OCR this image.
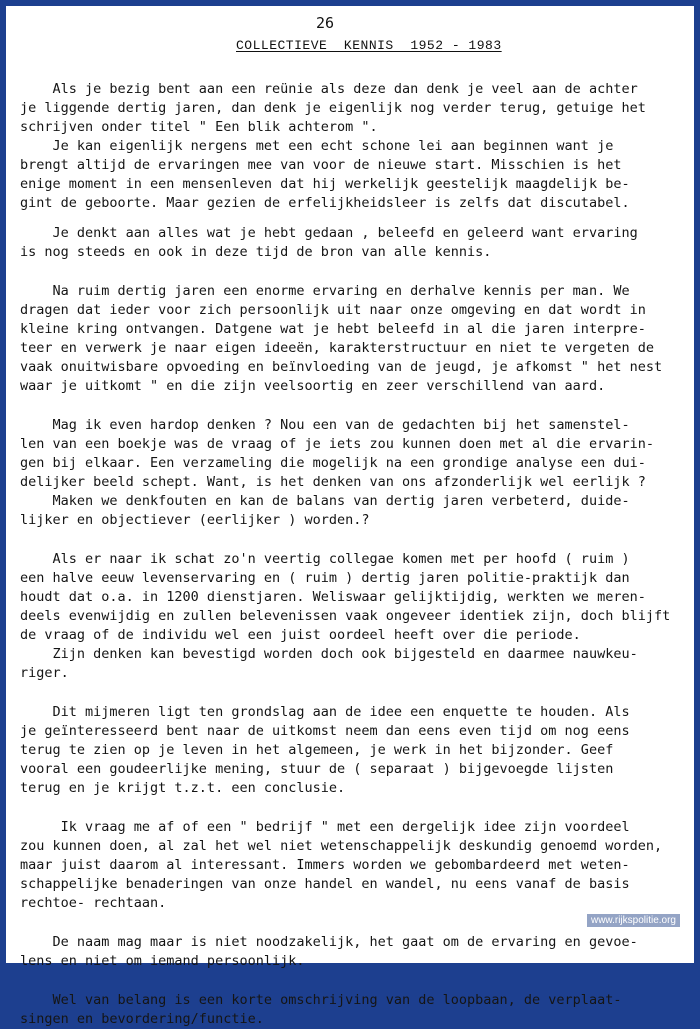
26
COLLECTIEVE  KENNIS  1952 - 1983

Als je bezig bent aan een reünie als deze dan denk je veel aan de achter
je liggende dertig jaren, dan denk je eigenlijk nog verder terug, getuige het
schrijven onder titel " Een blik achterom ".

Je kan eigenlijk nergens met een echt schone lei aan beginnen want je
brengt altijd de ervaringen mee van voor de nieuwe start. Misschien is het
enige moment in een mensenleven dat hij werkelijk geestelijk maagdelijk be-
gint de geboorte. Maar gezien de erfelijkheidsleer is zelfs dat discutabel.

Je denkt aan alles wat je hebt gedaan , beleefd en geleerd want ervaring
is nog steeds en ook in deze tijd de bron van alle kennis.

Na ruim dertig jaren een enorme ervaring en derhalve kennis per man. We
dragen dat ieder voor zich persoonlijk uit naar onze omgeving en dat wordt in
kleine kring ontvangen. Datgene wat je hebt beleefd in al die jaren interpre-
teer en verwerk je naar eigen ideeën, karakterstructuur en niet te vergeten de
vaak onuitwisbare opvoeding en beïnvloeding van de jeugd, je afkomst " het nest
waar je uitkomt " en die zijn veelsoortig en zeer verschillend van aard.

Mag ik even hardop denken ? Nou een van de gedachten bij het samenstel-
len van een boekje was de vraag of je iets zou kunnen doen met al die ervarin-
gen bij elkaar. Een verzameling die mogelijk na een grondige analyse een dui-
delijker beeld schept. Want, is het denken van ons afzonderlijk wel eerlijk ?

Maken we denkfouten en kan de balans van dertig jaren verbeterd, duide-
lijker en objectiever (eerlijker ) worden.?

Als er naar ik schat zo'n veertig collegae komen met per hoofd ( ruim )
een halve eeuw levenservaring en ( ruim ) dertig jaren politie-praktijk dan
houdt dat o.a. in 1200 dienstjaren. Weliswaar gelijktijdig, werkten we meren-
deels evenwijdig en zullen belevenissen vaak ongeveer identiek zijn, doch blijft
de vraag of de individu wel een juist oordeel heeft over die periode.

Zijn denken kan bevestigd worden doch ook bijgesteld en daarmee nauwkeu-
riger.

Dit mijmeren ligt ten grondslag aan de idee een enquette te houden. Als
je geïnteresseerd bent naar de uitkomst neem dan eens even tijd om nog eens
terug te zien op je leven in het algemeen, je werk in het bijzonder. Geef
vooral een goudeerlijke mening, stuur de ( separaat ) bijgevoegde lijsten
terug en je krijgt t.z.t. een conclusie.

Ik vraag me af of een " bedrijf " met een dergelijk idee zijn voordeel
zou kunnen doen, al zal het wel niet wetenschappelijk deskundig genoemd worden,
maar juist daarom al interessant. Immers worden we gebombardeerd met weten-
schappelijke benaderingen van onze handel en wandel, nu eens vanaf de basis
rechtoe- rechtaan.

De naam mag maar is niet noodzakelijk, het gaat om de ervaring en gevoe-
lens en niet om iemand persoonlijk.

Wel van belang is een korte omschrijving van de loopbaan, de verplaat-
singen en bevordering/functie.

www.rijkspolitie.org
